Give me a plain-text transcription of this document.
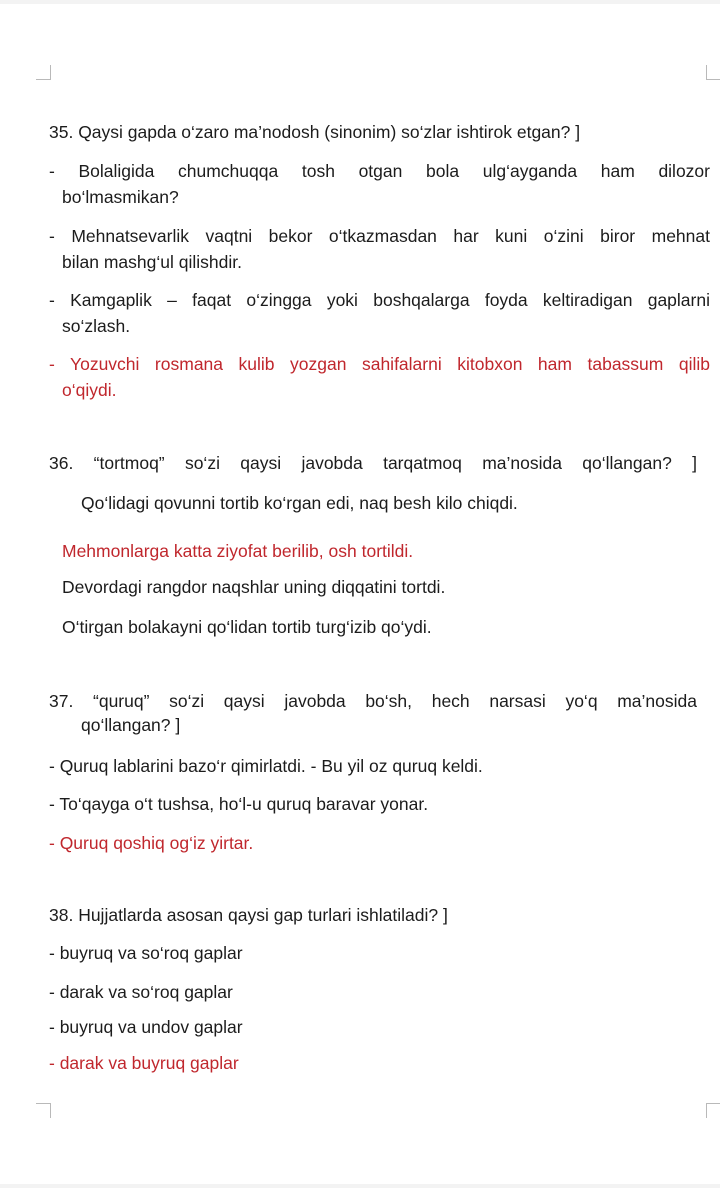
35. Qaysi gapda o‘zaro ma’nodosh (sinonim) so‘zlar ishtirok etgan? ]

- Bolaligida chumchuqqa tosh otgan bola ulg‘ayganda ham dilozor

bo‘lmasmikan?

- Mehnatsevarlik vaqtni bekor o‘tkazmasdan har kuni o‘zini biror mehnat

bilan mashg‘ul qilishdir.

- Kamgaplik – faqat o‘zingga yoki boshqalarga foyda keltiradigan gaplarni

so‘zlash.

- Yozuvchi rosmana kulib yozgan sahifalarni kitobxon ham tabassum qilib

o‘qiydi.

36. “tortmoq” so‘zi qaysi javobda tarqatmoq ma’nosida qo‘llangan? ]

Qo‘lidagi qovunni tortib ko‘rgan edi, naq besh kilo chiqdi.

Mehmonlarga katta ziyofat berilib, osh tortildi.

Devordagi rangdor naqshlar uning diqqatini tortdi.

O‘tirgan bolakayni qo‘lidan tortib turg‘izib qo‘ydi.

37. “quruq” so‘zi qaysi javobda bo‘sh, hech narsasi yo‘q ma’nosida

qo‘llangan? ]

- Quruq lablarini bazo‘r qimirlatdi. - Bu yil oz quruq keldi.

- To‘qayga o‘t tushsa, ho‘l-u quruq baravar yonar.

- Quruq qoshiq og‘iz yirtar.

38. Hujjatlarda asosan qaysi gap turlari ishlatiladi? ]

- buyruq va so‘roq gaplar

- darak va so‘roq gaplar

- buyruq va undov gaplar

- darak va buyruq gaplar
